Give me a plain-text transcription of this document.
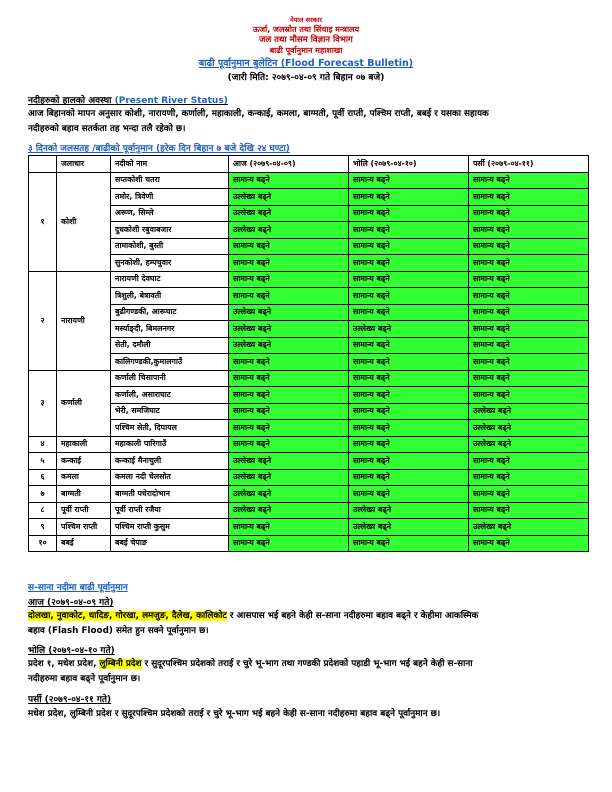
नेपाल सरकार
ऊर्जा, जलस्रोत तथा सिंचाइ मन्त्रालय
जल तथा मौसम विज्ञान विभाग
बाढी पूर्वानुमान महाशाखा
बाढी पूर्वानुमान बुलेटिन (Flood Forecast Bulletin)
(जारी मिति: २०७९-०४-०९ गते बिहान ०७ बजे)
नदीहरुको हालको अवस्था (Present River Status)
आज बिहानको मापन अनुसार कोशी, नारायणी, कर्णाली, महाकाली, कन्काई, कमला, बाग्मती, पूर्वी राप्ती, पश्चिम राप्ती, बबई र यसका सहायक
नदीहरुको बहाव सतर्कता तह भन्दा तलै रहेको छ।
३ दिनको जलसतह /बाढीको पूर्वानुमान (हरेक दिन बिहान ७ बजे देखि २४ घण्टा)
	जलाधार	नदीको नाम	आज (२०७९-०४-०९)	भोलि (२०७९-०४-१०)	पर्सी (२०७९-०४-११)
१	कोशी	सप्तकोशी चतरा	सामान्य बढ्ने	सामान्य बढ्ने	सामान्य बढ्ने
		तमोर, त्रिवेणी	उल्लेख्य बढ्ने	सामान्य बढ्ने	सामान्य बढ्ने
		अरूण, सिम्ले	उल्लेख्य बढ्ने	सामान्य बढ्ने	सामान्य बढ्ने
		दुधकोशी रबुवाबजार	उल्लेख्य बढ्ने	सामान्य बढ्ने	सामान्य बढ्ने
		तामाकोशी, बुस्ती	सामान्य बढ्ने	सामान्य बढ्ने	सामान्य बढ्ने
		सुनकोशी, हम्पचुवार	सामान्य बढ्ने	सामान्य बढ्ने	सामान्य बढ्ने
२	नारायणी	नारायणी देवघाट	सामान्य बढ्ने	सामान्य बढ्ने	सामान्य बढ्ने
		त्रिशुली, बेत्रावती	सामान्य बढ्ने	सामान्य बढ्ने	सामान्य बढ्ने
		बुढीगण्डकी, आरूघाट	उल्लेख्य बढ्ने	सामान्य बढ्ने	सामान्य बढ्ने
		मर्स्याङ्दी, बिमलनगर	उल्लेख्य बढ्ने	उल्लेख्य बढ्ने	सामान्य बढ्ने
		सेती, दमौली	उल्लेख्य बढ्ने	सामान्य बढ्ने	सामान्य बढ्ने
		कालिगण्डकी,कुमालगाउँ	सामान्य बढ्ने	सामान्य बढ्ने	सामान्य बढ्ने
३	कर्णाली	कर्णाली चिसापानी	सामान्य बढ्ने	सामान्य बढ्ने	सामान्य बढ्ने
		कर्णाली, असाराघाट	सामान्य बढ्ने	सामान्य बढ्ने	सामान्य बढ्ने
		भेरी, समजिघाट	सामान्य बढ्ने	सामान्य बढ्ने	उल्लेख्य बढ्ने
		पश्चिम सेती, दिपायल	सामान्य बढ्ने	सामान्य बढ्ने	उल्लेख्य बढ्ने
४	महाकाली	महाकाली पारिगाउँ	सामान्य बढ्ने	सामान्य बढ्ने	उल्लेख्य बढ्ने
५	कन्काई	कन्काई मैनाचुली	उल्लेख्य बढ्ने	सामान्य बढ्ने	सामान्य बढ्ने
६	कमला	कमला नदी चेलसोत	उल्लेख्य बढ्ने	सामान्य बढ्ने	सामान्य बढ्ने
७	बाग्मती	बाग्मती पधेरादोभान	उल्लेख्य बढ्ने	सामान्य बढ्ने	सामान्य बढ्ने
८	पूर्वी राप्ती	पूर्वी राप्ती रजैया	उल्लेख्य बढ्ने	उल्लेख्य बढ्ने	सामान्य बढ्ने
९	पश्चिम राप्ती	पश्चिम राप्ती कुसुम	सामान्य बढ्ने	उल्लेख्य बढ्ने	उल्लेख्य बढ्ने
१०	बबई	बबई चेपाङ	सामान्य बढ्ने	सामान्य बढ्ने	सामान्य बढ्ने
स-साना नदीमा बाढी पूर्वानुमान
आज (२०७९-०४-०९ गते)
दोलखा, नुवाकोट, धादिङ, गोरखा, लमजुङ, दैलेख, कालिकोट र आसपास भई बहने केही स-साना नदीहरुमा बहाव बढ्ने र केहीमा आकस्मिक
बहाव (Flash Flood) समेत हुन सक्ने पूर्वानुमान छ।
भोलि (२०७९-०४-१० गते)
प्रदेश १, मधेश प्रदेश, लुम्बिनी प्रदेश र सुदूरपश्चिम प्रदेशको तराई र चुरे भू-भाग तथा गण्डकी प्रदेशको पहाडी भू-भाग भई बहने केही स-साना
नदीहरुमा बहाव बढ्ने पूर्वानुमान छ।
पर्सी (२०७९-०४-११ गते)
मधेश प्रदेश, लुम्बिनी प्रदेश र सुदूरपश्चिम प्रदेशको तराई र चुरे भू-भाग भई बहने केही स-साना नदीहरुमा बहाव बढ्ने पूर्वानुमान छ।
